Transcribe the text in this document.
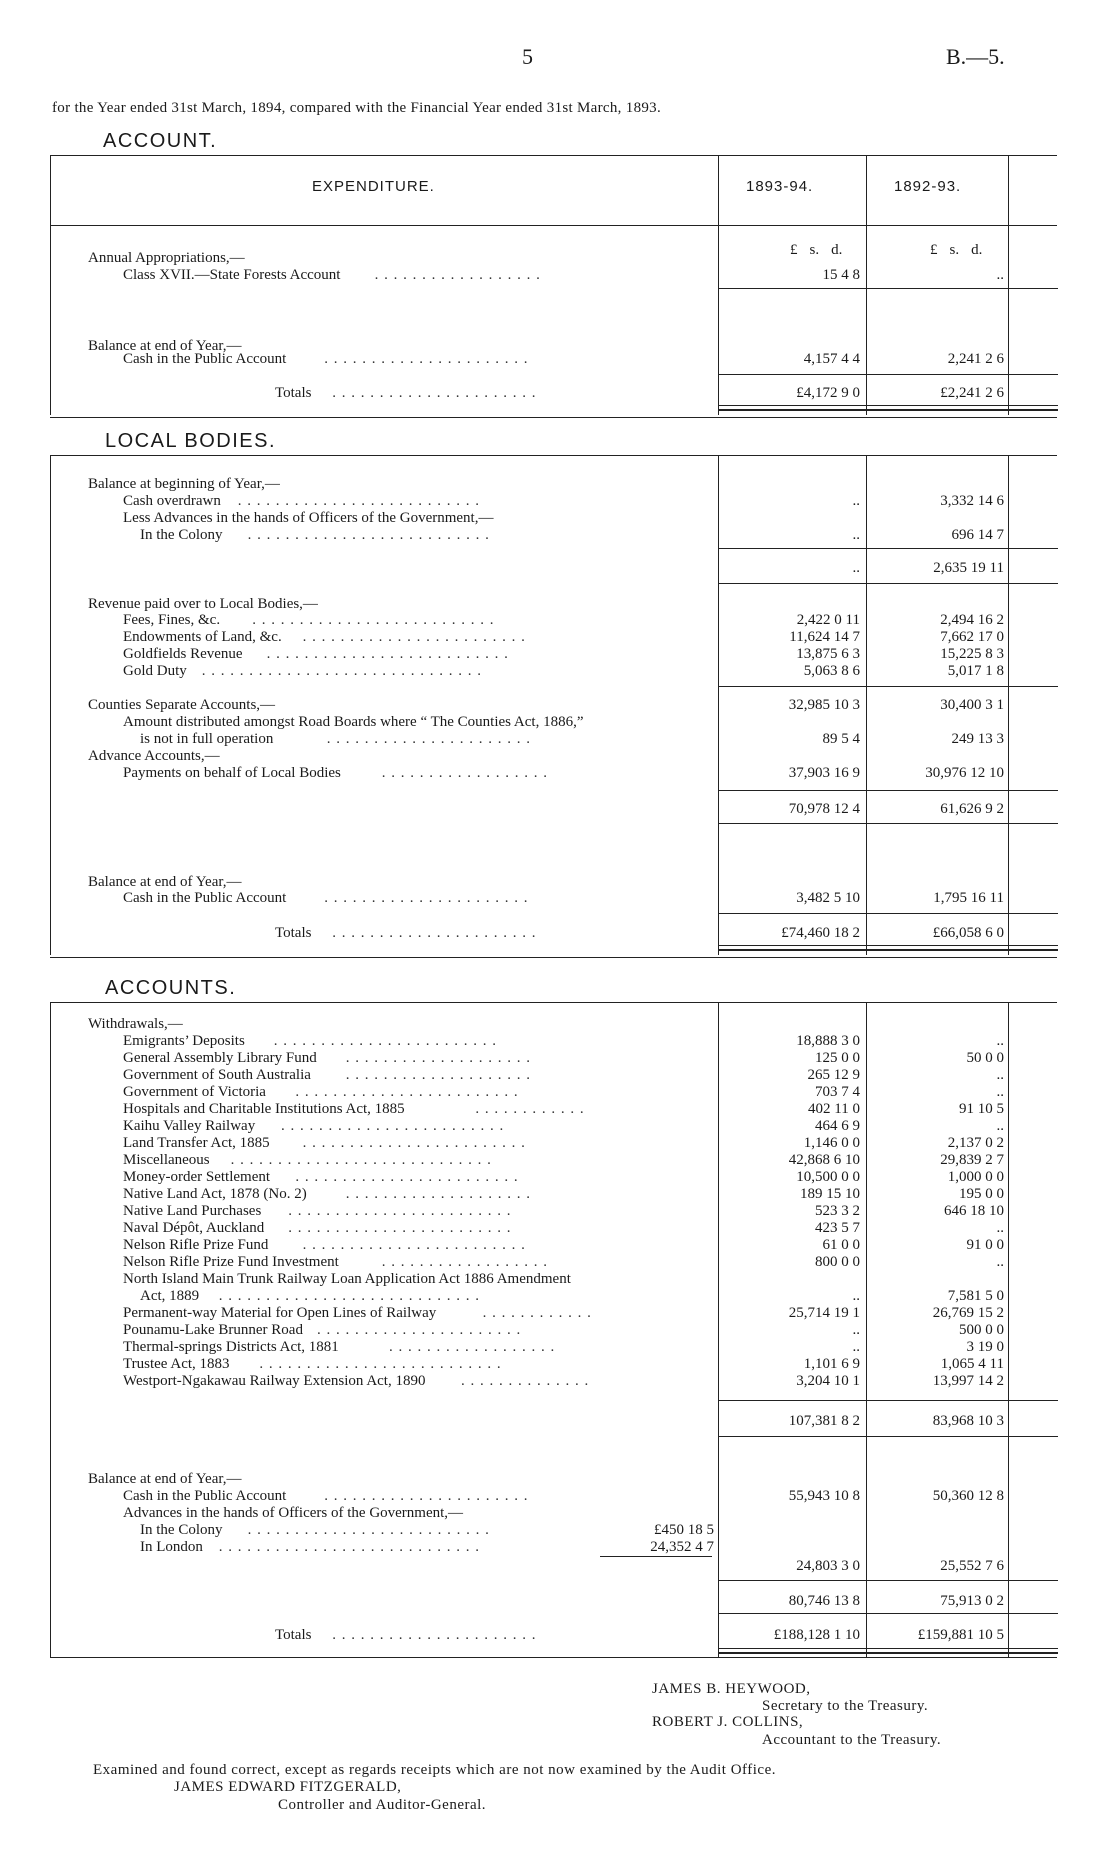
5	B.—5.
for the Year ended 31st March, 1894, compared with the Financial Year ended 31st March, 1893.
ACCOUNT.
EXPENDITURE.	1893-94.	1892-93.
£ s. d.	£ s. d.
Annual Appropriations,—
Class XVII.—State Forests Account . . . . . . . . . . . . . . . . . .	15 4 8	..
Balance at end of Year,—
Cash in the Public Account	. . . . . . . . . . . . . . . . . . . . . .	4,157 4 4	2,241 2 6
Totals . . . . . . . . . . . . . . . . . . . . . .	£4,172 9 0	£2,241 2 6
LOCAL BODIES.
Balance at beginning of Year,—
Cash overdrawn . . . . . . . . . . . . . . . . . . . . . . . . . .	..	3,332 14 6
Less Advances in the hands of Officers of the Government,—
In the Colony . . . . . . . . . . . . . . . . . . . . . . . . . .	..	696 14 7
..	2,635 19 11
Revenue paid over to Local Bodies,—
Fees, Fines, &c. . . . . . . . . . . . . . . . . . . . . . . . . . .	2,422 0 11	2,494 16 2
Endowments of Land, &c. . . . . . . . . . . . . . . . . . . . . . . . .	11,624 14 7	7,662 17 0
Goldfields Revenue . . . . . . . . . . . . . . . . . . . . . . . . . .	13,875 6 3	15,225 8 3
Gold Duty . . . . . . . . . . . . . . . . . . . . . . . . . . . . . .	5,063 8 6	5,017 1 8
Counties Separate Accounts,—	32,985 10 3	30,400 3 1
Amount distributed amongst Road Boards where “ The Counties Act, 1886,”
is not in full operation	. . . . . . . . . . . . . . . . . . . . . .	89 5 4	249 13 3
Advance Accounts,—
Payments on behalf of Local Bodies	. . . . . . . . . . . . . . . . . .	37,903 16 9	30,976 12 10
70,978 12 4	61,626 9 2
Balance at end of Year,—
Cash in the Public Account	. . . . . . . . . . . . . . . . . . . . . .	3,482 5 10	1,795 16 11
Totals . . . . . . . . . . . . . . . . . . . . . .	£74,460 18 2	£66,058 6 0
ACCOUNTS.
Withdrawals,—
Emigrants’ Deposits . . . . . . . . . . . . . . . . . . . . . . . .	18,888 3 0	..
General Assembly Library Fund . . . . . . . . . . . . . . . . . . . .	125 0 0	50 0 0
Government of South Australia . . . . . . . . . . . . . . . . . . . .	265 12 9	..
Government of Victoria . . . . . . . . . . . . . . . . . . . . . . . .	703 7 4	..
Hospitals and Charitable Institutions Act, 1885	. . . . . . . . . . . .	402 11 0	91 10 5
Kaihu Valley Railway . . . . . . . . . . . . . . . . . . . . . . . .	464 6 9	..
Land Transfer Act, 1885 . . . . . . . . . . . . . . . . . . . . . . . .	1,146 0 0	2,137 0 2
Miscellaneous . . . . . . . . . . . . . . . . . . . . . . . . . . . .	42,868 6 10	29,839 2 7
Money-order Settlement . . . . . . . . . . . . . . . . . . . . . . . .	10,500 0 0	1,000 0 0
Native Land Act, 1878 (No. 2)	. . . . . . . . . . . . . . . . . . . .	189 15 10	195 0 0
Native Land Purchases . . . . . . . . . . . . . . . . . . . . . . . .	523 3 2	646 18 10
Naval Dépôt, Auckland . . . . . . . . . . . . . . . . . . . . . . . .	423 5 7	..
Nelson Rifle Prize Fund . . . . . . . . . . . . . . . . . . . . . . . .	61 0 0	91 0 0
Nelson Rifle Prize Fund Investment	. . . . . . . . . . . . . . . . . .	800 0 0	..
North Island Main Trunk Railway Loan Application Act 1886 Amendment
Act, 1889 . . . . . . . . . . . . . . . . . . . . . . . . . . . .	..	7,581 5 0
Permanent-way Material for Open Lines of Railway	. . . . . . . . . . . .	25,714 19 1	26,769 15 2
Pounamu-Lake Brunner Road . . . . . . . . . . . . . . . . . . . . . .	..	500 0 0
Thermal-springs Districts Act, 1881	. . . . . . . . . . . . . . . . . .	..	3 19 0
Trustee Act, 1883 . . . . . . . . . . . . . . . . . . . . . . . . . .	1,101 6 9	1,065 4 11
Westport-Ngakawau Railway Extension Act, 1890 . . . . . . . . . . . . . .	3,204 10 1	13,997 14 2
107,381 8 2	83,968 10 3
Balance at end of Year,—
Cash in the Public Account	. . . . . . . . . . . . . . . . . . . . . .	55,943 10 8	50,360 12 8
Advances in the hands of Officers of the Government,—
In the Colony . . . . . . . . . . . . . . . . . . . . . . . . . .	£450 18 5
In London . . . . . . . . . . . . . . . . . . . . . . . . . . . .	24,352 4 7
24,803 3 0	25,552 7 6
80,746 13 8	75,913 0 2
Totals . . . . . . . . . . . . . . . . . . . . . .	£188,128 1 10	£159,881 10 5
JAMES B. HEYWOOD,
Secretary to the Treasury.
ROBERT J. COLLINS,
Accountant to the Treasury.
Examined and found correct, except as regards receipts which are not now examined by the Audit Office.
JAMES EDWARD FITZGERALD,
Controller and Auditor-General.
